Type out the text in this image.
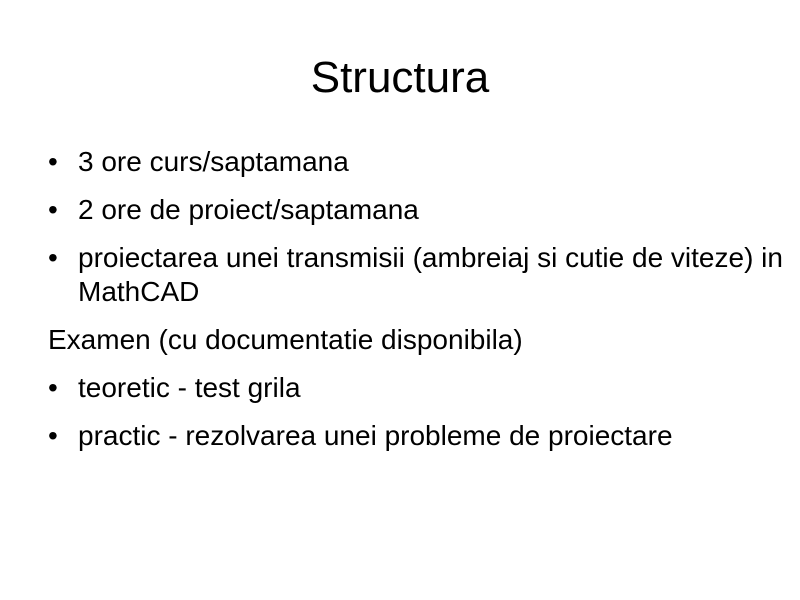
Structura
• 3 ore curs/saptamana
• 2 ore de proiect/saptamana
• proiectarea unei transmisii (ambreiaj si cutie de viteze) in MathCAD
Examen (cu documentatie disponibila)
• teoretic - test grila
• practic - rezolvarea unei probleme de proiectare
